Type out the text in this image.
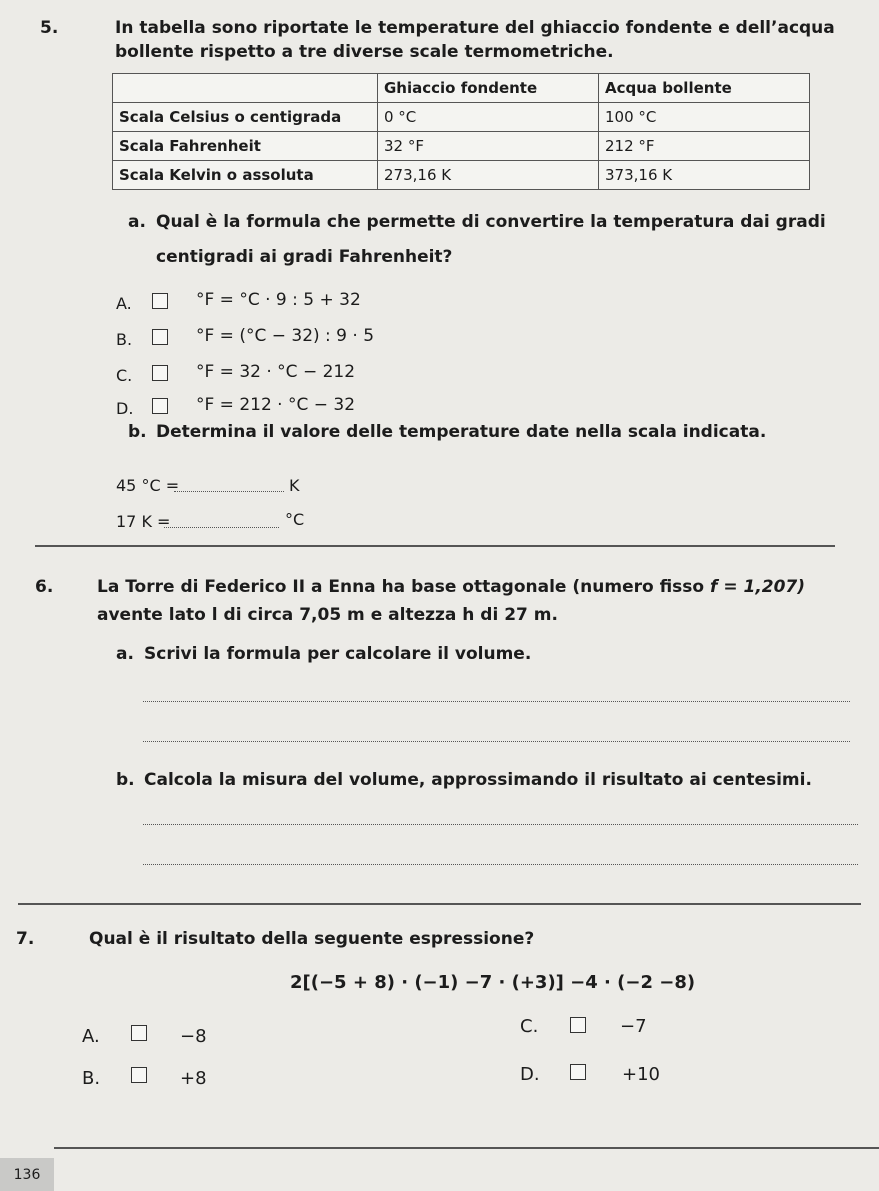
5.	In tabella sono riportate le temperature del ghiaccio fondente e dell’acqua
bollente rispetto a tre diverse scale termometriche.
	Ghiaccio fondente	Acqua bollente
Scala Celsius o centigrada	0 °C	100 °C
Scala Fahrenheit	32 °F	212 °F
Scala Kelvin o assoluta	273,16 K	373,16 K
a. Qual è la formula che permette di convertire la temperatura dai gradi
centigradi ai gradi Fahrenheit?
A.	°F = °C · 9 : 5 + 32
B.	°F = (°C − 32) : 9 · 5
C.	°F = 32 · °C − 212
D.	°F = 212 · °C − 32
b. Determina il valore delle temperature date nella scala indicata.
45 °C =	K
17 K =	°C
6.	La Torre di Federico II a Enna ha base ottagonale (numero fisso f = 1,207)
avente lato l di circa 7,05 m e altezza h di 27 m.
a. Scrivi la formula per calcolare il volume.
b. Calcola la misura del volume, approssimando il risultato ai centesimi.
7.	Qual è il risultato della seguente espressione?
2[(−5 + 8) · (−1) −7 · (+3)] −4 · (−2 −8)
A.	−8
B.	+8
C.	−7
D.	+10
136
